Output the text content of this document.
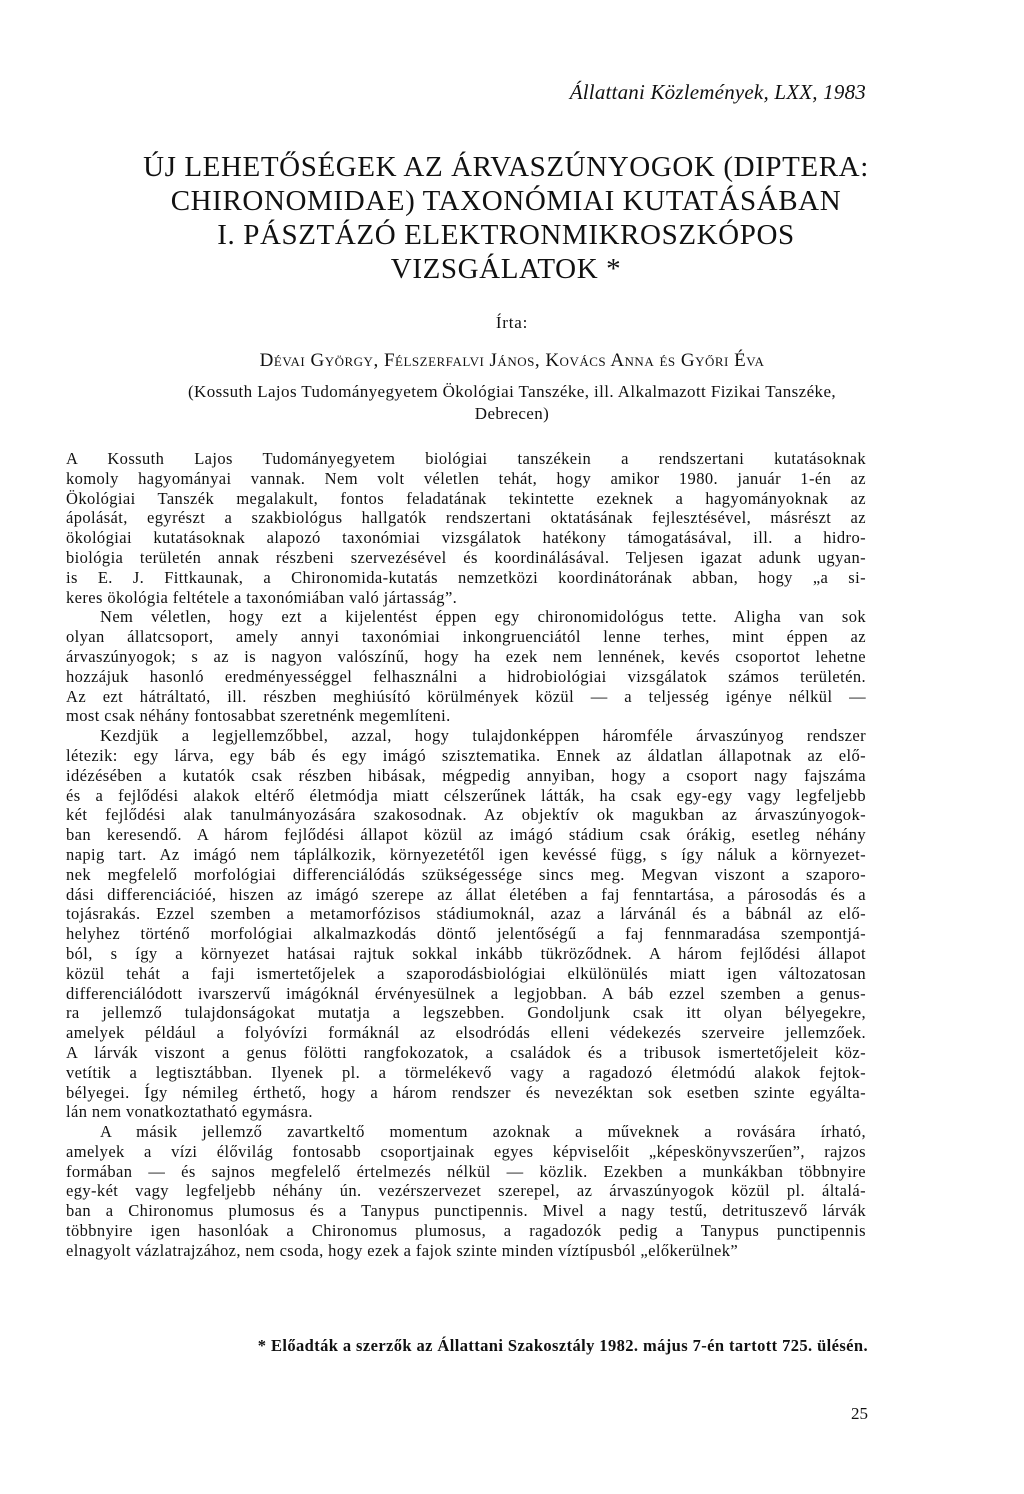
Állattani Közlemények, LXX, 1983
ÚJ LEHETŐSÉGEK AZ ÁRVASZÚNYOGOK (DIPTERA:
CHIRONOMIDAE) TAXONÓMIAI KUTATÁSÁBAN
I. PÁSZTÁZÓ ELEKTRONMIKROSZKÓPOS
VIZSGÁLATOK *
Írta:
Dévai György, Félszerfalvi János, Kovács Anna és Győri Éva
(Kossuth Lajos Tudományegyetem Ökológiai Tanszéke, ill. Alkalmazott Fizikai Tanszéke,
Debrecen)
A Kossuth Lajos Tudományegyetem biológiai tanszékein a rendszertani kutatásoknak
komoly hagyományai vannak. Nem volt véletlen tehát, hogy amikor 1980. január 1-én az
Ökológiai Tanszék megalakult, fontos feladatának tekintette ezeknek a hagyományoknak az
ápolását, egyrészt a szakbiológus hallgatók rendszertani oktatásának fejlesztésével, másrészt az
ökológiai kutatásoknak alapozó taxonómiai vizsgálatok hatékony támogatásával, ill. a hidro-
biológia területén annak részbeni szervezésével és koordinálásával. Teljesen igazat adunk ugyan-
is E. J. Fittkaunak, a Chironomida-kutatás nemzetközi koordinátorának abban, hogy „a si-
keres ökológia feltétele a taxonómiában való jártasság”.
Nem véletlen, hogy ezt a kijelentést éppen egy chironomidológus tette. Aligha van sok
olyan állatcsoport, amely annyi taxonómiai inkongruenciától lenne terhes, mint éppen az
árvaszúnyogok; s az is nagyon valószínű, hogy ha ezek nem lennének, kevés csoportot lehetne
hozzájuk hasonló eredményességgel felhasználni a hidrobiológiai vizsgálatok számos területén.
Az ezt hátráltató, ill. részben meghiúsító körülmények közül — a teljesség igénye nélkül —
most csak néhány fontosabbat szeretnénk megemlíteni.
Kezdjük a legjellemzőbbel, azzal, hogy tulajdonképpen háromféle árvaszúnyog rendszer
létezik: egy lárva, egy báb és egy imágó szisztematika. Ennek az áldatlan állapotnak az elő-
idézésében a kutatók csak részben hibásak, mégpedig annyiban, hogy a csoport nagy fajszáma
és a fejlődési alakok eltérő életmódja miatt célszerűnek látták, ha csak egy-egy vagy legfeljebb
két fejlődési alak tanulmányozására szakosodnak. Az objektív ok magukban az árvaszúnyogok-
ban keresendő. A három fejlődési állapot közül az imágó stádium csak órákig, esetleg néhány
napig tart. Az imágó nem táplálkozik, környezetétől igen kevéssé függ, s így náluk a környezet-
nek megfelelő morfológiai differenciálódás szükségessége sincs meg. Megvan viszont a szaporo-
dási differenciációé, hiszen az imágó szerepe az állat életében a faj fenntartása, a párosodás és a
tojásrakás. Ezzel szemben a metamorfózisos stádiumoknál, azaz a lárvánál és a bábnál az elő-
helyhez történő morfológiai alkalmazkodás döntő jelentőségű a faj fennmaradása szempontjá-
ból, s így a környezet hatásai rajtuk sokkal inkább tükröződnek. A három fejlődési állapot
közül tehát a faji ismertetőjelek a szaporodásbiológiai elkülönülés miatt igen változatosan
differenciálódott ivarszervű imágóknál érvényesülnek a legjobban. A báb ezzel szemben a genus-
ra jellemző tulajdonságokat mutatja a legszebben. Gondoljunk csak itt olyan bélyegekre,
amelyek például a folyóvízi formáknál az elsodródás elleni védekezés szerveire jellemzőek.
A lárvák viszont a genus fölötti rangfokozatok, a családok és a tribusok ismertetőjeleit köz-
vetítik a legtisztábban. Ilyenek pl. a törmelékevő vagy a ragadozó életmódú alakok fejtok-
bélyegei. Így némileg érthető, hogy a három rendszer és nevezéktan sok esetben szinte egyálta-
lán nem vonatkoztatható egymásra.
A másik jellemző zavartkeltő momentum azoknak a műveknek a rovására írható,
amelyek a vízi élővilág fontosabb csoportjainak egyes képviselőit „képeskönyvszerűen”, rajzos
formában — és sajnos megfelelő értelmezés nélkül — közlik. Ezekben a munkákban többnyire
egy-két vagy legfeljebb néhány ún. vezérszervezet szerepel, az árvaszúnyogok közül pl. általá-
ban a Chironomus plumosus és a Tanypus punctipennis. Mivel a nagy testű, detrituszevő lárvák
többnyire igen hasonlóak a Chironomus plumosus, a ragadozók pedig a Tanypus punctipennis
elnagyolt vázlatrajzához, nem csoda, hogy ezek a fajok szinte minden víztípusból „előkerülnek”
* Előadták a szerzők az Állattani Szakosztály 1982. május 7-én tartott 725. ülésén.
25
